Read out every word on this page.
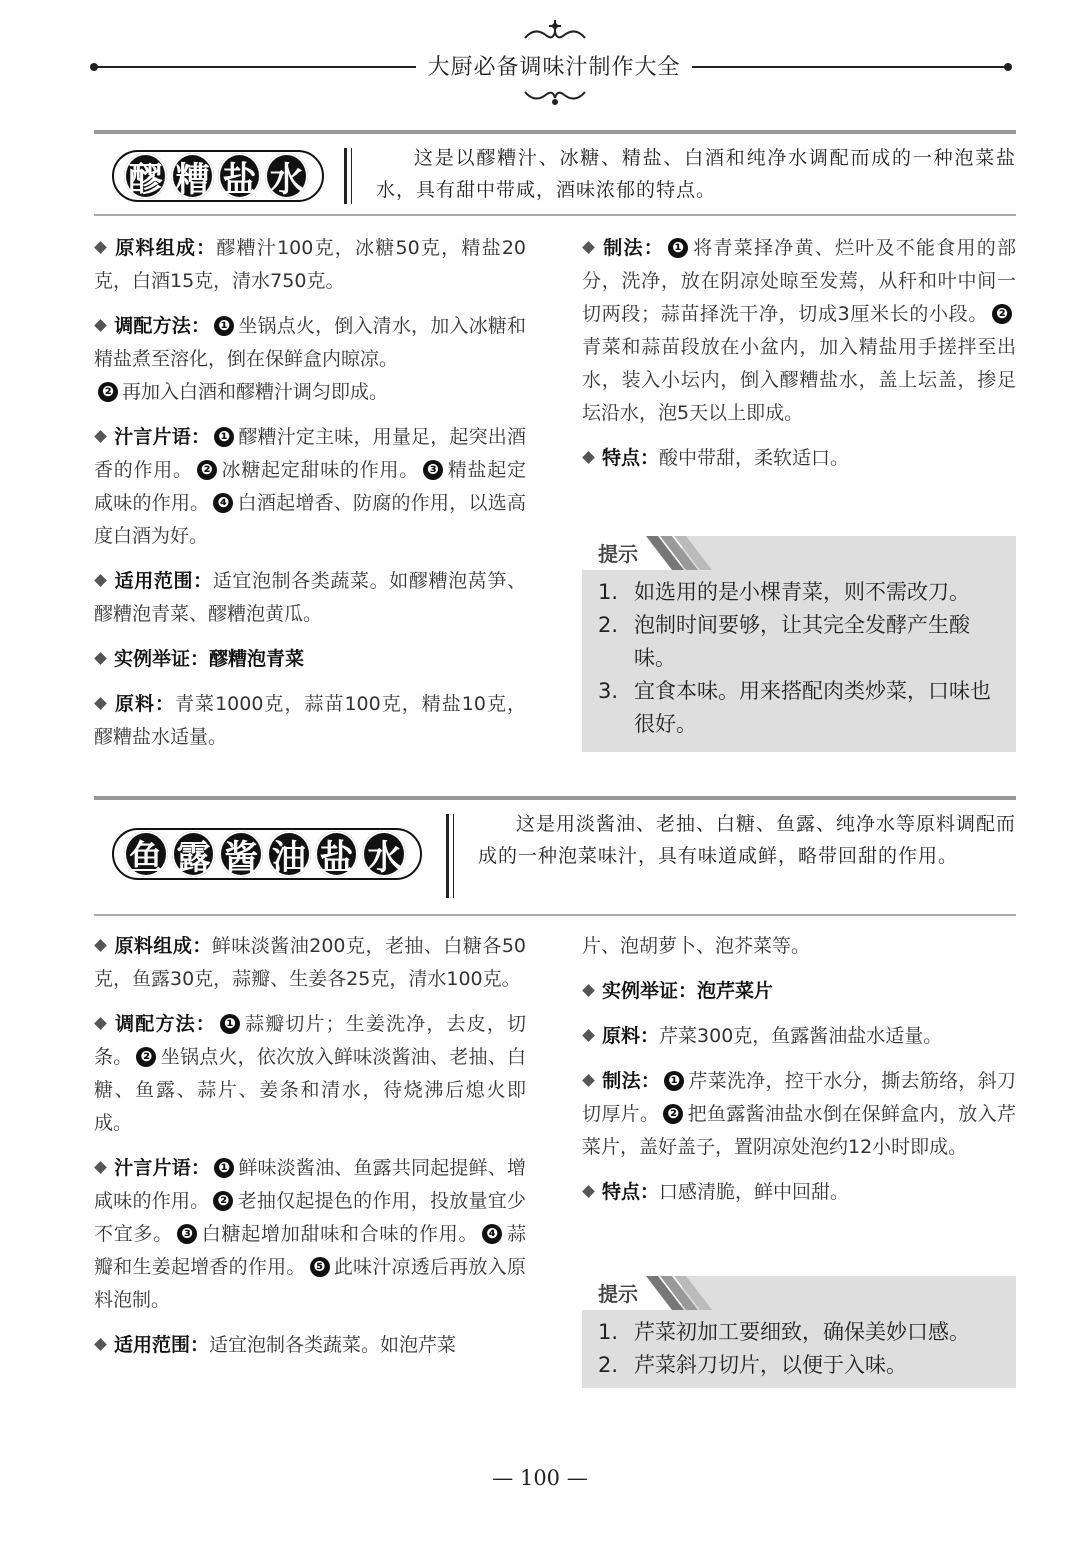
大厨必备调味汁制作大全
醪 糟 盐 水
这是以醪糟汁、冰糖、精盐、白酒和纯净水调配而成的一种泡菜盐水，具有甜中带咸，酒味浓郁的特点。

原料组成：醪糟汁100克，冰糖50克，精盐20克，白酒15克，清水750克。

调配方法： ❶ 坐锅点火，倒入清水，加入冰糖和精盐煮至溶化，倒在保鲜盒内晾凉。
❷ 再加入白酒和醪糟汁调匀即成。

汁言片语： ❶ 醪糟汁定主味，用量足，起突出酒香的作用。 ❷ 冰糖起定甜味的作用。 ❸ 精盐起定咸味的作用。 ❹ 白酒起增香、防腐的作用，以选高度白酒为好。

适用范围：适宜泡制各类蔬菜。如醪糟泡莴笋、醪糟泡青菜、醪糟泡黄瓜。

实例举证：醪糟泡青菜

原料：青菜1000克，蒜苗100克，精盐10克，醪糟盐水适量。

制法： ❶ 将青菜择净黄、烂叶及不能食用的部分，洗净，放在阴凉处晾至发蔫，从秆和叶中间一切两段；蒜苗择洗干净，切成3厘米长的小段。 ❷青菜和蒜苗段放在小盆内，加入精盐用手搓拌至出水，装入小坛内，倒入醪糟盐水，盖上坛盖，掺足坛沿水，泡5天以上即成。

特点：酸中带甜，柔软适口。

提示
1. 如选用的是小棵青菜，则不需改刀。
2. 泡制时间要够，让其完全发酵产生酸味。
3. 宜食本味。用来搭配肉类炒菜，口味也很好。
鱼 露 酱 油 盐 水
这是用淡酱油、老抽、白糖、鱼露、纯净水等原料调配而成的一种泡菜味汁，具有味道咸鲜，略带回甜的作用。

原料组成：鲜味淡酱油200克，老抽、白糖各50克，鱼露30克，蒜瓣、生姜各25克，清水100克。

调配方法： ❶ 蒜瓣切片；生姜洗净，去皮，切条。 ❷ 坐锅点火，依次放入鲜味淡酱油、老抽、白糖、鱼露、蒜片、姜条和清水，待烧沸后熄火即成。

汁言片语： ❶ 鲜味淡酱油、鱼露共同起提鲜、增咸味的作用。 ❷ 老抽仅起提色的作用，投放量宜少不宜多。 ❸ 白糖起增加甜味和合味的作用。 ❹ 蒜瓣和生姜起增香的作用。 ❺ 此味汁凉透后再放入原料泡制。

适用范围：适宜泡制各类蔬菜。如泡芹菜

片、泡胡萝卜、泡芥菜等。

实例举证：泡芹菜片

原料：芹菜300克，鱼露酱油盐水适量。

制法： ❶ 芹菜洗净，控干水分，撕去筋络，斜刀切厚片。 ❷ 把鱼露酱油盐水倒在保鲜盒内，放入芹菜片，盖好盖子，置阴凉处泡约12小时即成。

特点：口感清脆，鲜中回甜。

提示
1. 芹菜初加工要细致，确保美妙口感。
2. 芹菜斜刀切片，以便于入味。
— 100 —
